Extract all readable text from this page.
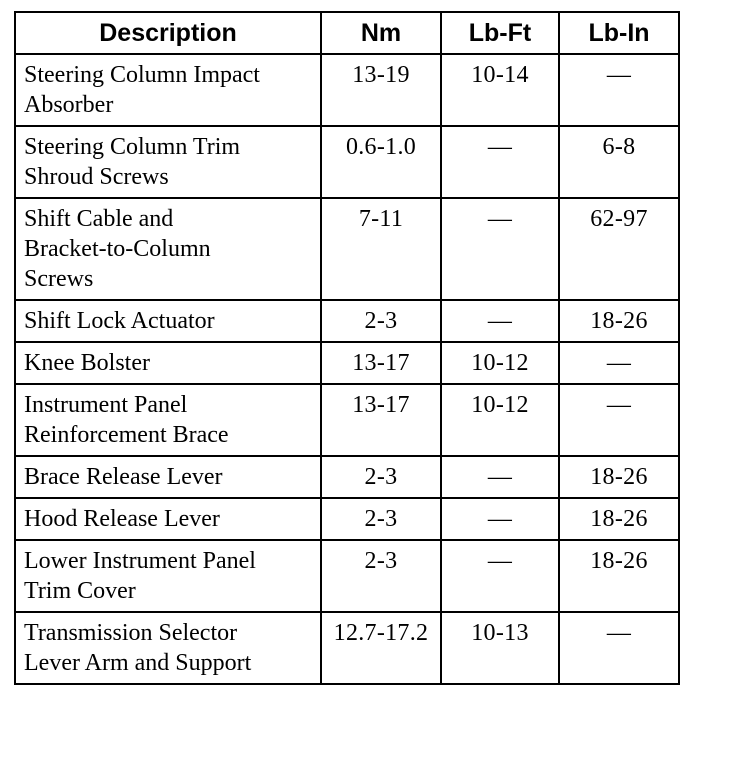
Description	Nm	Lb-Ft	Lb-In

Steering Column Impact
Absorber	13-19	10-14	—

Steering Column Trim
Shroud Screws	0.6-1.0	—	6-8

Shift Cable and
Bracket-to-Column
Screws	7-11	—	62-97

Shift Lock Actuator	2-3	—	18-26

Knee Bolster	13-17	10-12	—

Instrument Panel
Reinforcement Brace	13-17	10-12	—

Brace Release Lever	2-3	—	18-26

Hood Release Lever	2-3	—	18-26

Lower Instrument Panel
Trim Cover	2-3	—	18-26

Transmission Selector
Lever Arm and Support	12.7-17.2	10-13	—
